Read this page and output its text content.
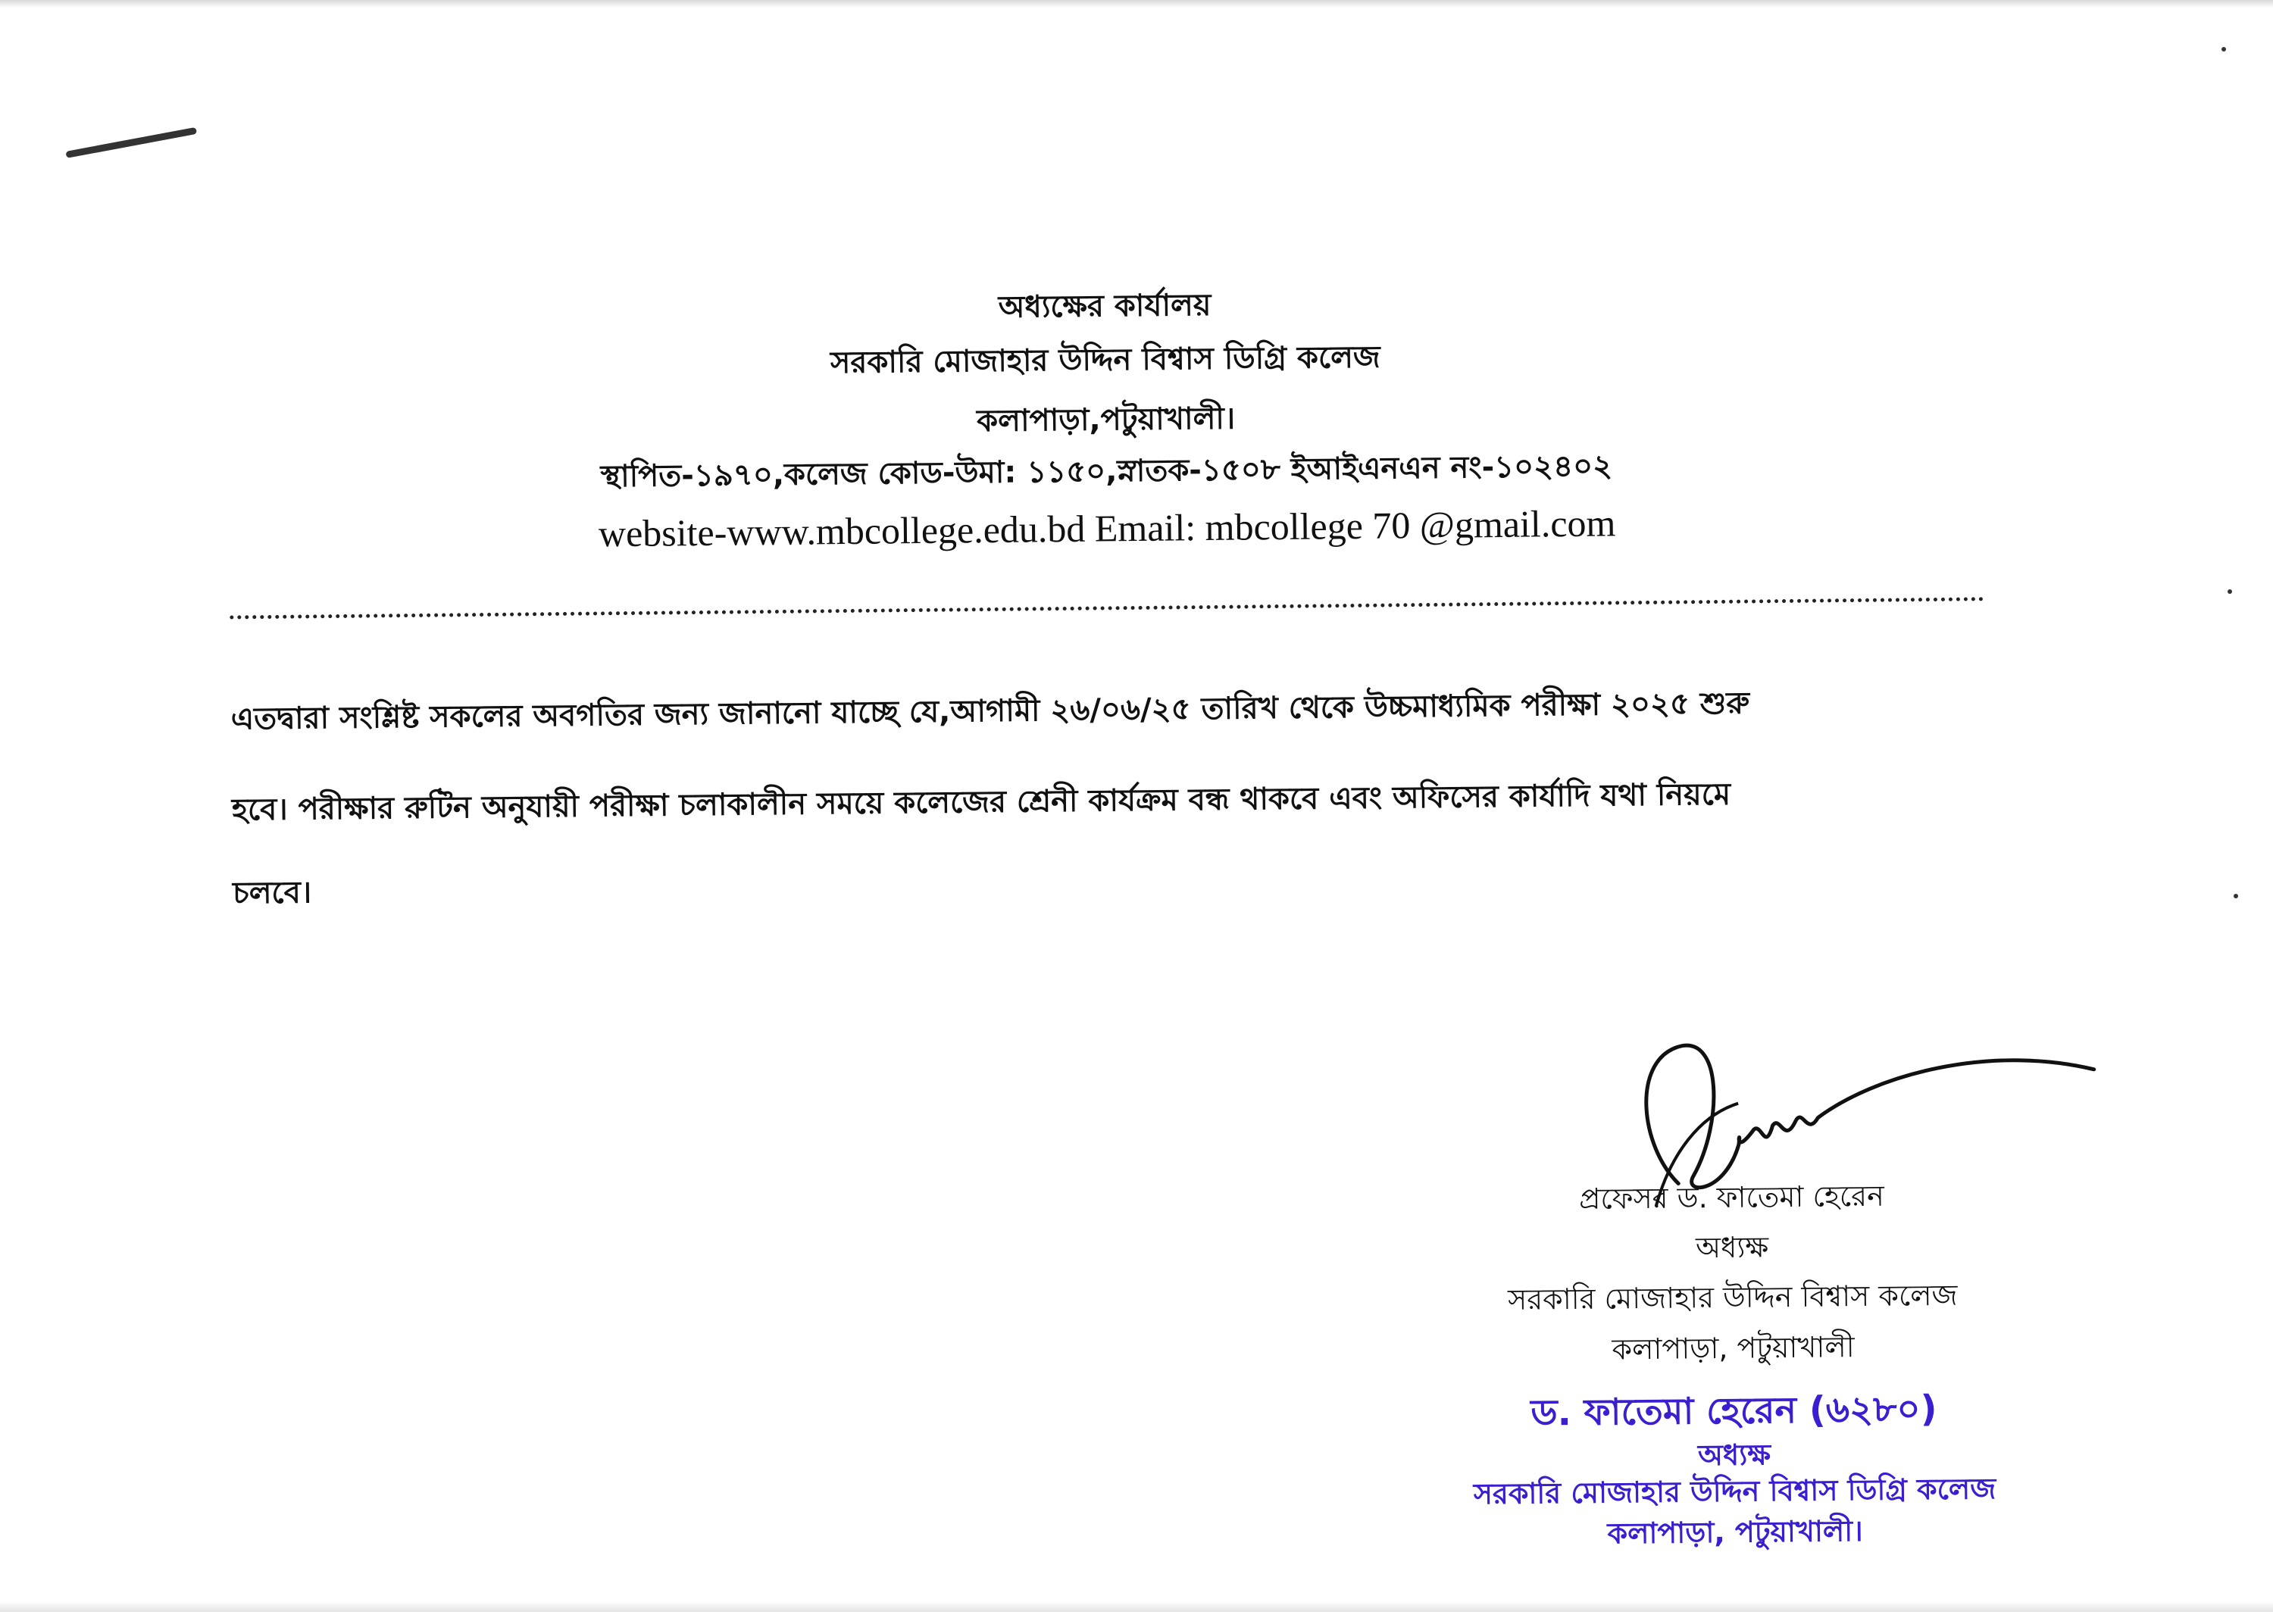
অধ্যক্ষের কার্যালয়
সরকারি মোজাহার উদ্দিন বিশ্বাস ডিগ্রি কলেজ
কলাপাড়া,পটুয়াখালী।
স্থাপিত-১৯৭০,কলেজ কোড-উমা: ১১৫০,স্নাতক-১৫০৮ ইআইএনএন নং-১০২৪০২
website-www.mbcollege.edu.bd Email: mbcollege 70 @gmail.com
এতদ্বারা সংশ্লিষ্ট সকলের অবগতির জন্য জানানো যাচ্ছে যে,আগামী ২৬/০৬/২৫ তারিখ থেকে উচ্চমাধ্যমিক পরীক্ষা ২০২৫ শুরু
হবে। পরীক্ষার রুটিন অনুযায়ী পরীক্ষা চলাকালীন সময়ে কলেজের শ্রেনী কার্যক্রম বন্ধ থাকবে এবং অফিসের কার্যাদি যথা নিয়মে
চলবে।
প্রফেসর ড. ফাতেমা হেরেন
অধ্যক্ষ
সরকারি মোজাহার উদ্দিন বিশ্বাস কলেজ
কলাপাড়া, পটুয়াখালী
ড. ফাতেমা হেরেন (৬২৮০)
অধ্যক্ষ
সরকারি মোজাহার উদ্দিন বিশ্বাস ডিগ্রি কলেজ
কলাপাড়া, পটুয়াখালী।
